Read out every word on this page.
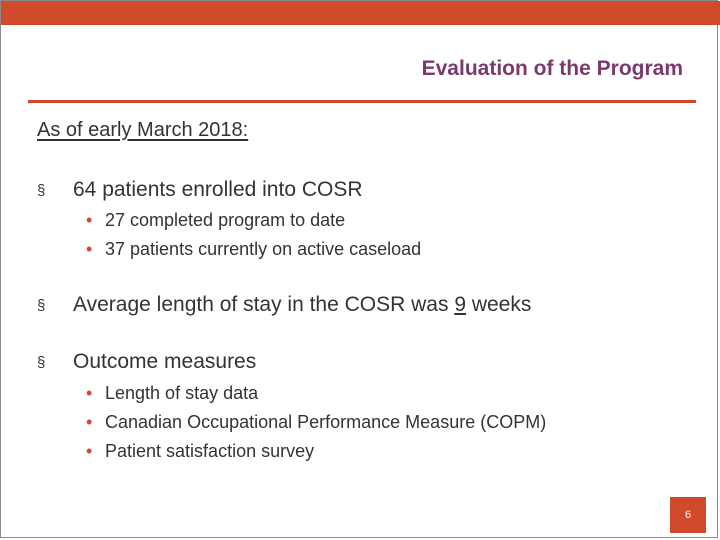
Evaluation of the Program
As of early March 2018:
§ 64 patients enrolled into COSR
• 27 completed program to date
• 37 patients currently on active caseload
§ Average length of stay in the COSR was 9 weeks
§ Outcome measures
• Length of stay data
• Canadian Occupational Performance Measure (COPM)
• Patient satisfaction survey
6
